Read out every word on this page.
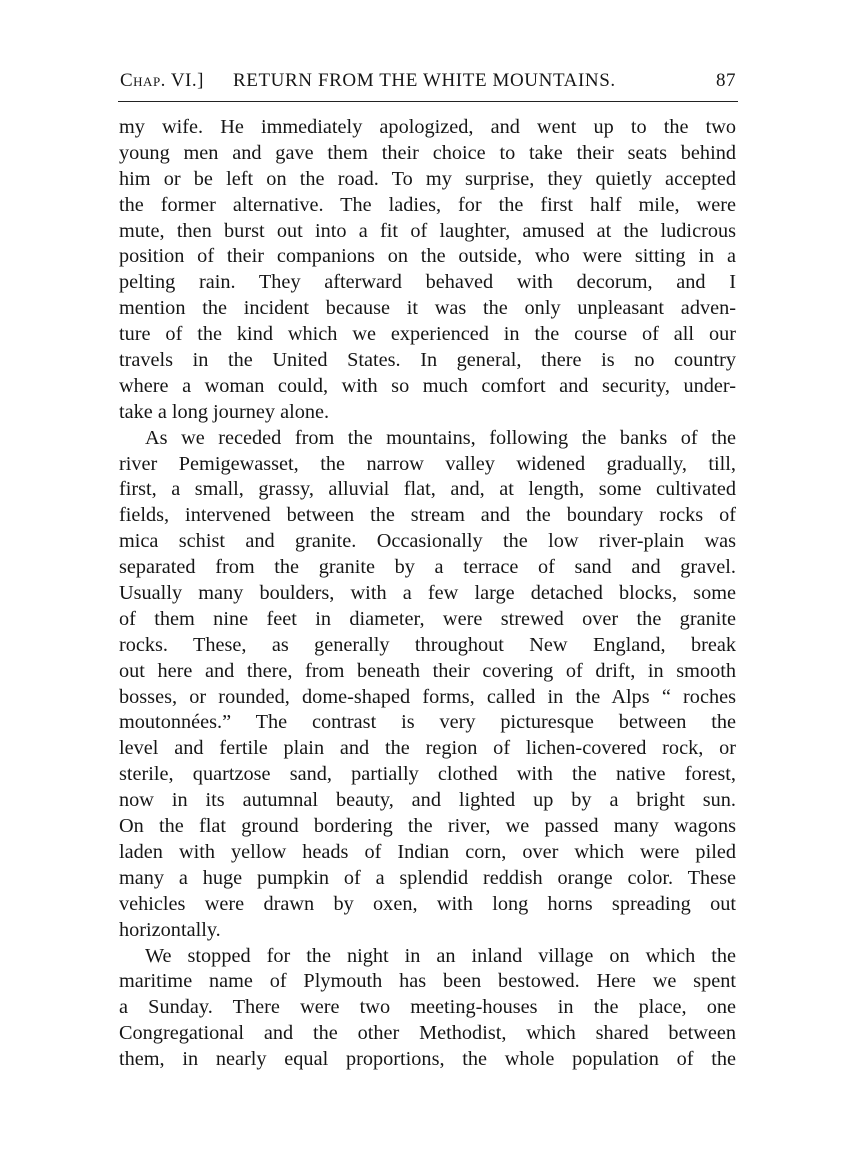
Chap. VI.] RETURN FROM THE WHITE MOUNTAINS.	87
my wife. He immediately apologized, and went up to the two
young men and gave them their choice to take their seats behind
him or be left on the road. To my surprise, they quietly accepted
the former alternative. The ladies, for the first half mile, were
mute, then burst out into a fit of laughter, amused at the ludicrous
position of their companions on the outside, who were sitting in a
pelting rain. They afterward behaved with decorum, and I
mention the incident because it was the only unpleasant adven-
ture of the kind which we experienced in the course of all our
travels in the United States. In general, there is no country
where a woman could, with so much comfort and security, under-
take a long journey alone.
As we receded from the mountains, following the banks of the
river Pemigewasset, the narrow valley widened gradually, till,
first, a small, grassy, alluvial flat, and, at length, some cultivated
fields, intervened between the stream and the boundary rocks of
mica schist and granite. Occasionally the low river-plain was
separated from the granite by a terrace of sand and gravel.
Usually many boulders, with a few large detached blocks, some
of them nine feet in diameter, were strewed over the granite
rocks. These, as generally throughout New England, break
out here and there, from beneath their covering of drift, in smooth
bosses, or rounded, dome-shaped forms, called in the Alps “ roches
moutonnées.” The contrast is very picturesque between the
level and fertile plain and the region of lichen-covered rock, or
sterile, quartzose sand, partially clothed with the native forest,
now in its autumnal beauty, and lighted up by a bright sun.
On the flat ground bordering the river, we passed many wagons
laden with yellow heads of Indian corn, over which were piled
many a huge pumpkin of a splendid reddish orange color. These
vehicles were drawn by oxen, with long horns spreading out
horizontally.
We stopped for the night in an inland village on which the
maritime name of Plymouth has been bestowed. Here we spent
a Sunday. There were two meeting-houses in the place, one
Congregational and the other Methodist, which shared between
them, in nearly equal proportions, the whole population of the
